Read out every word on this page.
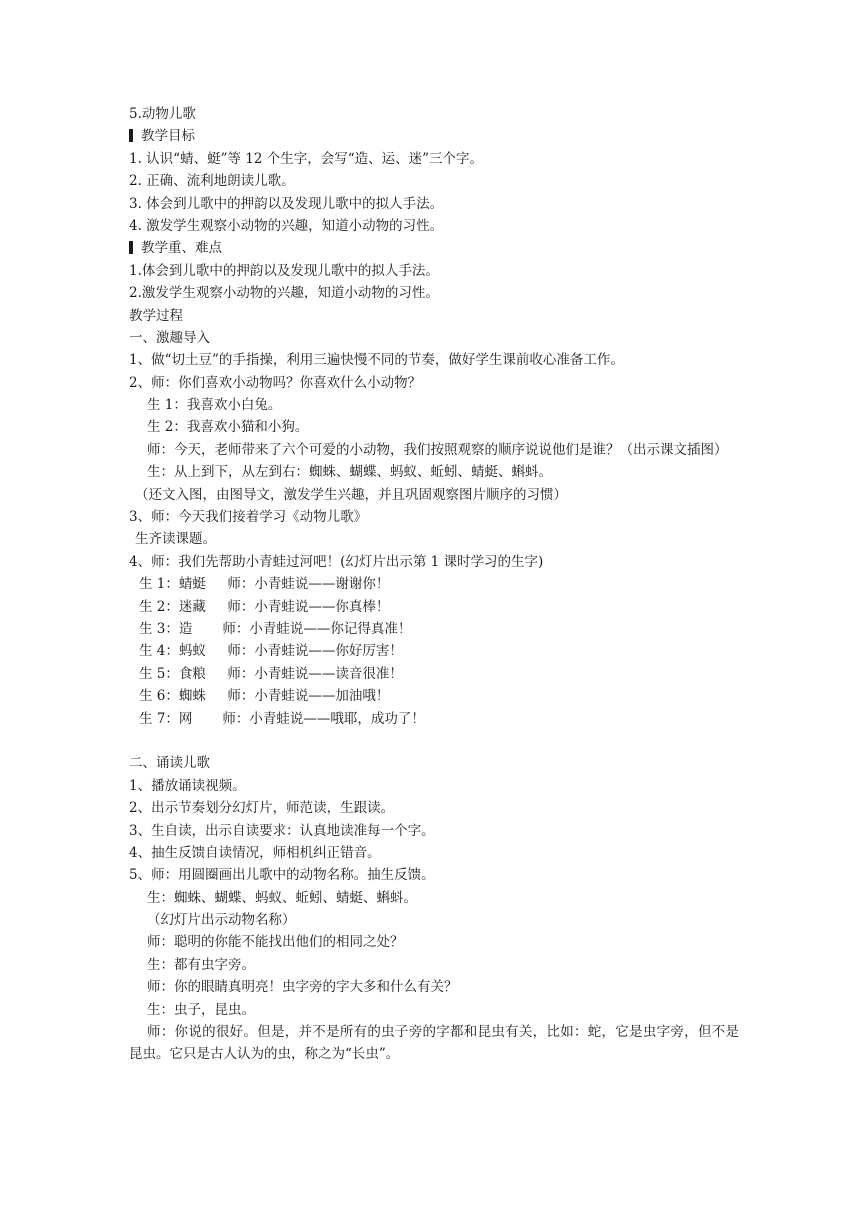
5.动物儿歌
教学目标
1. 认识“蜻、蜓”等 12 个生字，会写“造、运、迷”三个字。
2. 正确、流利地朗读儿歌。
3. 体会到儿歌中的押韵以及发现儿歌中的拟人手法。
4. 激发学生观察小动物的兴趣，知道小动物的习性。
教学重、难点
1.体会到儿歌中的押韵以及发现儿歌中的拟人手法。
2.激发学生观察小动物的兴趣，知道小动物的习性。
教学过程
一、激趣导入
1、做“切土豆”的手指操，利用三遍快慢不同的节奏，做好学生课前收心准备工作。
2、师：你们喜欢小动物吗？你喜欢什么小动物？
生 1：我喜欢小白兔。
生 2：我喜欢小猫和小狗。
师：今天，老师带来了六个可爱的小动物，我们按照观察的顺序说说他们是谁？（出示课文插图）
生：从上到下，从左到右：蜘蛛、蝴蝶、蚂蚁、蚯蚓、蜻蜓、蝌蚪。
（还文入图，由图导文，激发学生兴趣，并且巩固观察图片顺序的习惯）
3、师：今天我们接着学习《动物儿歌》
生齐读课题。
4、师：我们先帮助小青蛙过河吧！(幻灯片出示第 1 课时学习的生字)
生 1：蜻蜓     师：小青蛙说——谢谢你！
生 2：迷藏     师：小青蛙说——你真棒！
生 3：造       师：小青蛙说——你记得真准！
生 4：蚂蚁     师：小青蛙说——你好厉害！
生 5：食粮     师：小青蛙说——读音很准！
生 6：蜘蛛     师：小青蛙说——加油哦！
生 7：网       师：小青蛙说——哦耶，成功了！
二、诵读儿歌
1、播放诵读视频。
2、出示节奏划分幻灯片，师范读，生跟读。
3、生自读，出示自读要求：认真地读准每一个字。
4、抽生反馈自读情况，师相机纠正错音。
5、师：用圆圈画出儿歌中的动物名称。抽生反馈。
生：蜘蛛、蝴蝶、蚂蚁、蚯蚓、蜻蜓、蝌蚪。
（幻灯片出示动物名称）
师：聪明的你能不能找出他们的相同之处？
生：都有虫字旁。
师：你的眼睛真明亮！虫字旁的字大多和什么有关？
生：虫子，昆虫。
师：你说的很好。但是，并不是所有的虫子旁的字都和昆虫有关，比如：蛇，它是虫字旁，但不是昆虫。它只是古人认为的虫，称之为“长虫”。
